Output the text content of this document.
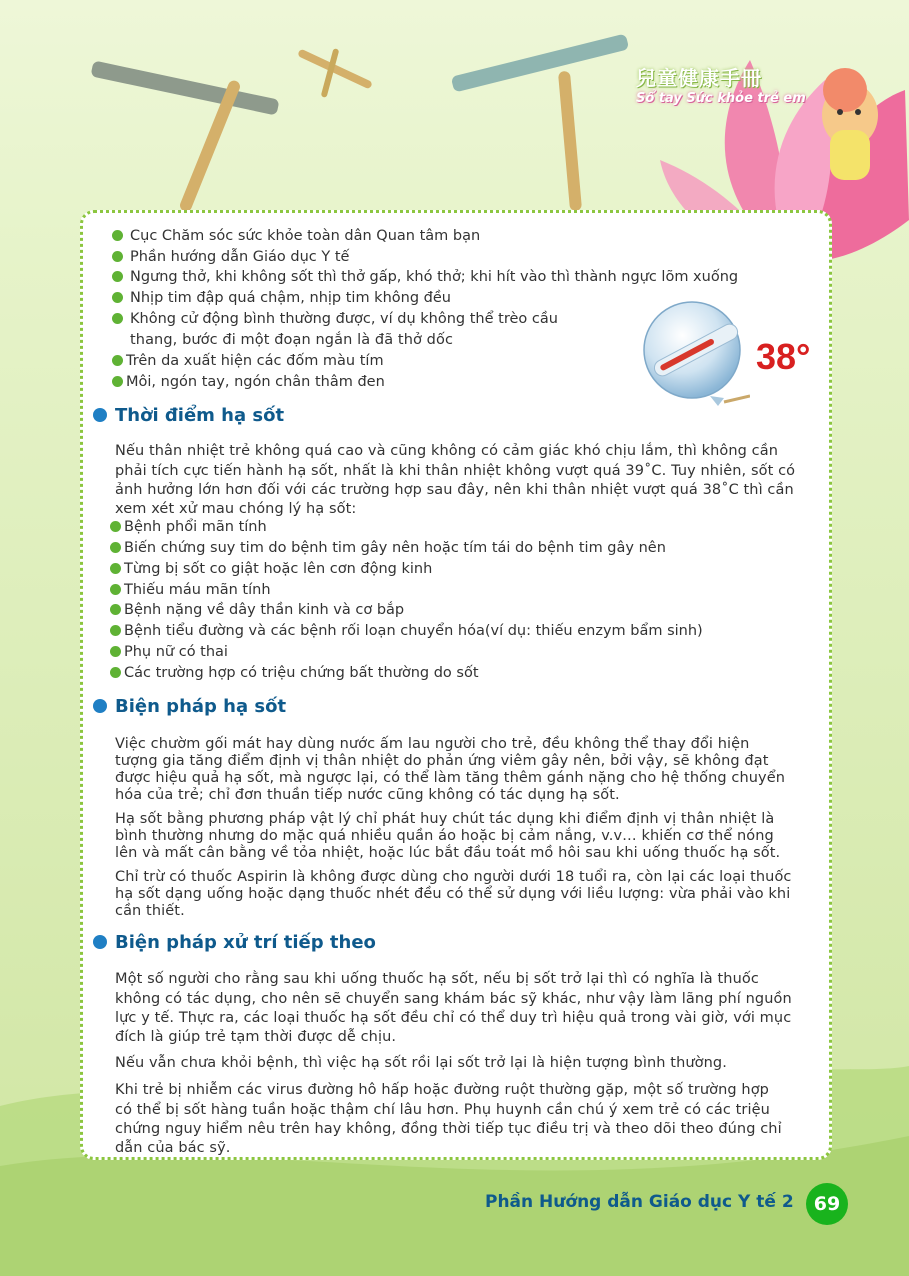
兒童健康手冊
Sổ tay Sức khỏe trẻ em
38°
Cục Chăm sóc sức khỏe toàn dân Quan tâm bạn
Phần hướng dẫn Giáo dục Y tế
Ngưng thở, khi không sốt thì thở gấp, khó thở; khi hít vào thì thành ngực lõm xuống
Nhịp tim đập quá chậm, nhịp tim không đều
Không cử động bình thường được, ví dụ không thể trèo cầu
thang, bước đi một đoạn ngắn là đã thở dốc
Trên da xuất hiện các đốm màu tím
Môi, ngón tay, ngón chân thâm đen
Thời điểm hạ sốt
Nếu thân nhiệt trẻ không quá cao và cũng không có cảm giác khó chịu lắm, thì không cần
phải tích cực tiến hành hạ sốt, nhất là khi thân nhiệt không vượt quá 39˚C. Tuy nhiên, sốt có
ảnh hưởng lớn hơn đối với các trường hợp sau đây, nên khi thân nhiệt vượt quá 38˚C thì cần
xem xét xử mau chóng lý hạ sốt:
Bệnh phổi mãn tính
Biến chứng suy tim do bệnh tim gây nên hoặc tím tái do bệnh tim gây nên
Từng bị sốt co giật hoặc lên cơn động kinh
Thiếu máu mãn tính
Bệnh nặng về dây thần kinh và cơ bắp
Bệnh tiểu đường và các bệnh rối loạn chuyển hóa(ví dụ: thiếu enzym bẩm sinh)
Phụ nữ có thai
Các trường hợp có triệu chứng bất thường do sốt
Biện pháp hạ sốt
Việc chườm gối mát hay dùng nước ấm lau người cho trẻ, đều không thể thay đổi hiện
tượng gia tăng điểm định vị thân nhiệt do phản ứng viêm gây nên, bởi vậy, sẽ không đạt
được hiệu quả hạ sốt, mà ngược lại, có thể làm tăng thêm gánh nặng cho hệ thống chuyển
hóa của trẻ; chỉ đơn thuần tiếp nước cũng không có tác dụng hạ sốt.
Hạ sốt bằng phương pháp vật lý chỉ phát huy chút tác dụng khi điểm định vị thân nhiệt là
bình thường nhưng do mặc quá nhiều quần áo hoặc bị cảm nắng, v.v… khiến cơ thể nóng
lên và mất cân bằng về tỏa nhiệt, hoặc lúc bắt đầu toát mồ hôi sau khi uống thuốc hạ sốt.
Chỉ trừ có thuốc Aspirin là không được dùng cho người dưới 18 tuổi ra, còn lại các loại thuốc
hạ sốt dạng uống hoặc dạng thuốc nhét đều có thể sử dụng với liều lượng: vừa phải vào khi
cần thiết.
Biện pháp xử trí tiếp theo
Một số người cho rằng sau khi uống thuốc hạ sốt, nếu bị sốt trở lại thì có nghĩa là thuốc
không có tác dụng, cho nên sẽ chuyển sang khám bác sỹ khác, như vậy làm lãng phí nguồn
lực y tế. Thực ra, các loại thuốc hạ sốt đều chỉ có thể duy trì hiệu quả trong vài giờ, với mục
đích là giúp trẻ tạm thời được dễ chịu.
Nếu vẫn chưa khỏi bệnh, thì việc hạ sốt rồi lại sốt trở lại là hiện tượng bình thường.
Khi trẻ bị nhiễm các virus đường hô hấp hoặc đường ruột thường gặp, một số trường hợp
có thể bị sốt hàng tuần hoặc thậm chí lâu hơn. Phụ huynh cần chú ý xem trẻ có các triệu
chứng nguy hiểm nêu trên hay không, đồng thời tiếp tục điều trị và theo dõi theo đúng chỉ
dẫn của bác sỹ.
Phần Hướng dẫn Giáo dục Y tế 2	69
